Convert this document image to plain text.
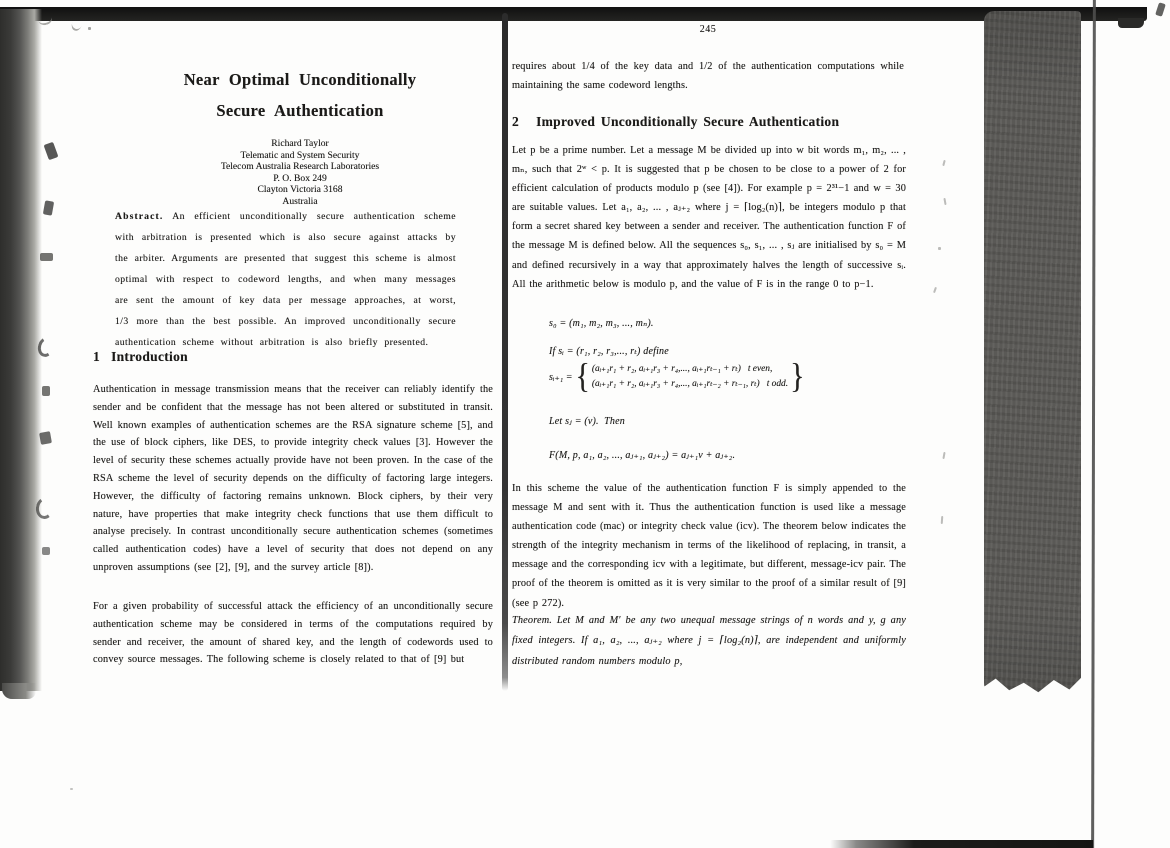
Near Optimal Unconditionally
Secure Authentication
Richard Taylor
Telematic and System Security
Telecom Australia Research Laboratories
P. O. Box 249
Clayton Victoria 3168
Australia
Abstract. An efficient unconditionally secure authentication scheme with arbitration is presented which is also secure against attacks by the arbiter. Arguments are presented that suggest this scheme is almost optimal with respect to codeword lengths, and when many messages are sent the amount of key data per message approaches, at worst, 1/3 more than the best possible. An improved unconditionally secure authentication scheme without arbitration is also briefly presented.
1   Introduction
Authentication in message transmission means that the receiver can reliably identify the sender and be confident that the message has not been altered or substituted in transit. Well known examples of authentication schemes are the RSA signature scheme [5], and the use of block ciphers, like DES, to provide integrity check values [3]. However the level of security these schemes actually provide have not been proven. In the case of the RSA scheme the level of security depends on the difficulty of factoring large integers. However, the difficulty of factoring remains unknown. Block ciphers, by their very nature, have properties that make integrity check functions that use them difficult to analyse precisely. In contrast unconditionally secure authentication schemes (sometimes called authentication codes) have a level of security that does not depend on any unproven assumptions (see [2], [9], and the survey article [8]).
For a given probability of successful attack the efficiency of an unconditionally secure authentication scheme may be considered in terms of the computations required by sender and receiver, the amount of shared key, and the length of codewords used to convey source messages. The following scheme is closely related to that of [9] but
245
requires about 1/4 of the key data and 1/2 of the authentication computations while maintaining the same codeword lengths.
2   Improved Unconditionally Secure Authentication
Let p be a prime number. Let a message M be divided up into w bit words m₁, m₂, ... , mₙ, such that 2ʷ < p. It is suggested that p be chosen to be close to a power of 2 for efficient calculation of products modulo p (see [4]). For example p = 2³¹−1 and w = 30 are suitable values. Let a₁, a₂, ... , aⱼ₊₂ where j = ⌈log₂(n)⌉, be integers modulo p that form a secret shared key between a sender and receiver. The authentication function F of the message M is defined below. All the sequences s₀, s₁, ... , sⱼ are initialised by s₀ = M and defined recursively in a way that approximately halves the length of successive sᵢ. All the arithmetic below is modulo p, and the value of F is in the range 0 to p−1.
s₀ = (m₁, m₂, m₃, ..., mₙ).
If sᵢ = (r₁, r₂, r₃,..., rₜ) define
sᵢ₊₁ = { (aᵢ₊₁r₁ + r₂, aᵢ₊₁r₃ + r₄,..., aᵢ₊₁rₜ₋₁ + rₜ)   t even,
(aᵢ₊₁r₁ + r₂, aᵢ₊₁r₃ + r₄,..., aᵢ₊₁rₜ₋₂ + rₜ₋₁, rₜ)   t odd. }
Let sⱼ = (v).  Then
F(M, p, a₁, a₂, ..., aⱼ₊₁, aⱼ₊₂) = aⱼ₊₁v + aⱼ₊₂.
In this scheme the value of the authentication function F is simply appended to the message M and sent with it. Thus the authentication function is used like a message authentication code (mac) or integrity check value (icv). The theorem below indicates the strength of the integrity mechanism in terms of the likelihood of replacing, in transit, a message and the corresponding icv with a legitimate, but different, message-icv pair. The proof of the theorem is omitted as it is very similar to the proof of a similar result of [9] (see p 272).
Theorem. Let M and M′ be any two unequal message strings of n words and y, g any fixed integers. If a₁, a₂, ..., aⱼ₊₂ where j = ⌈log₂(n)⌉, are independent and uniformly distributed random numbers modulo p,
